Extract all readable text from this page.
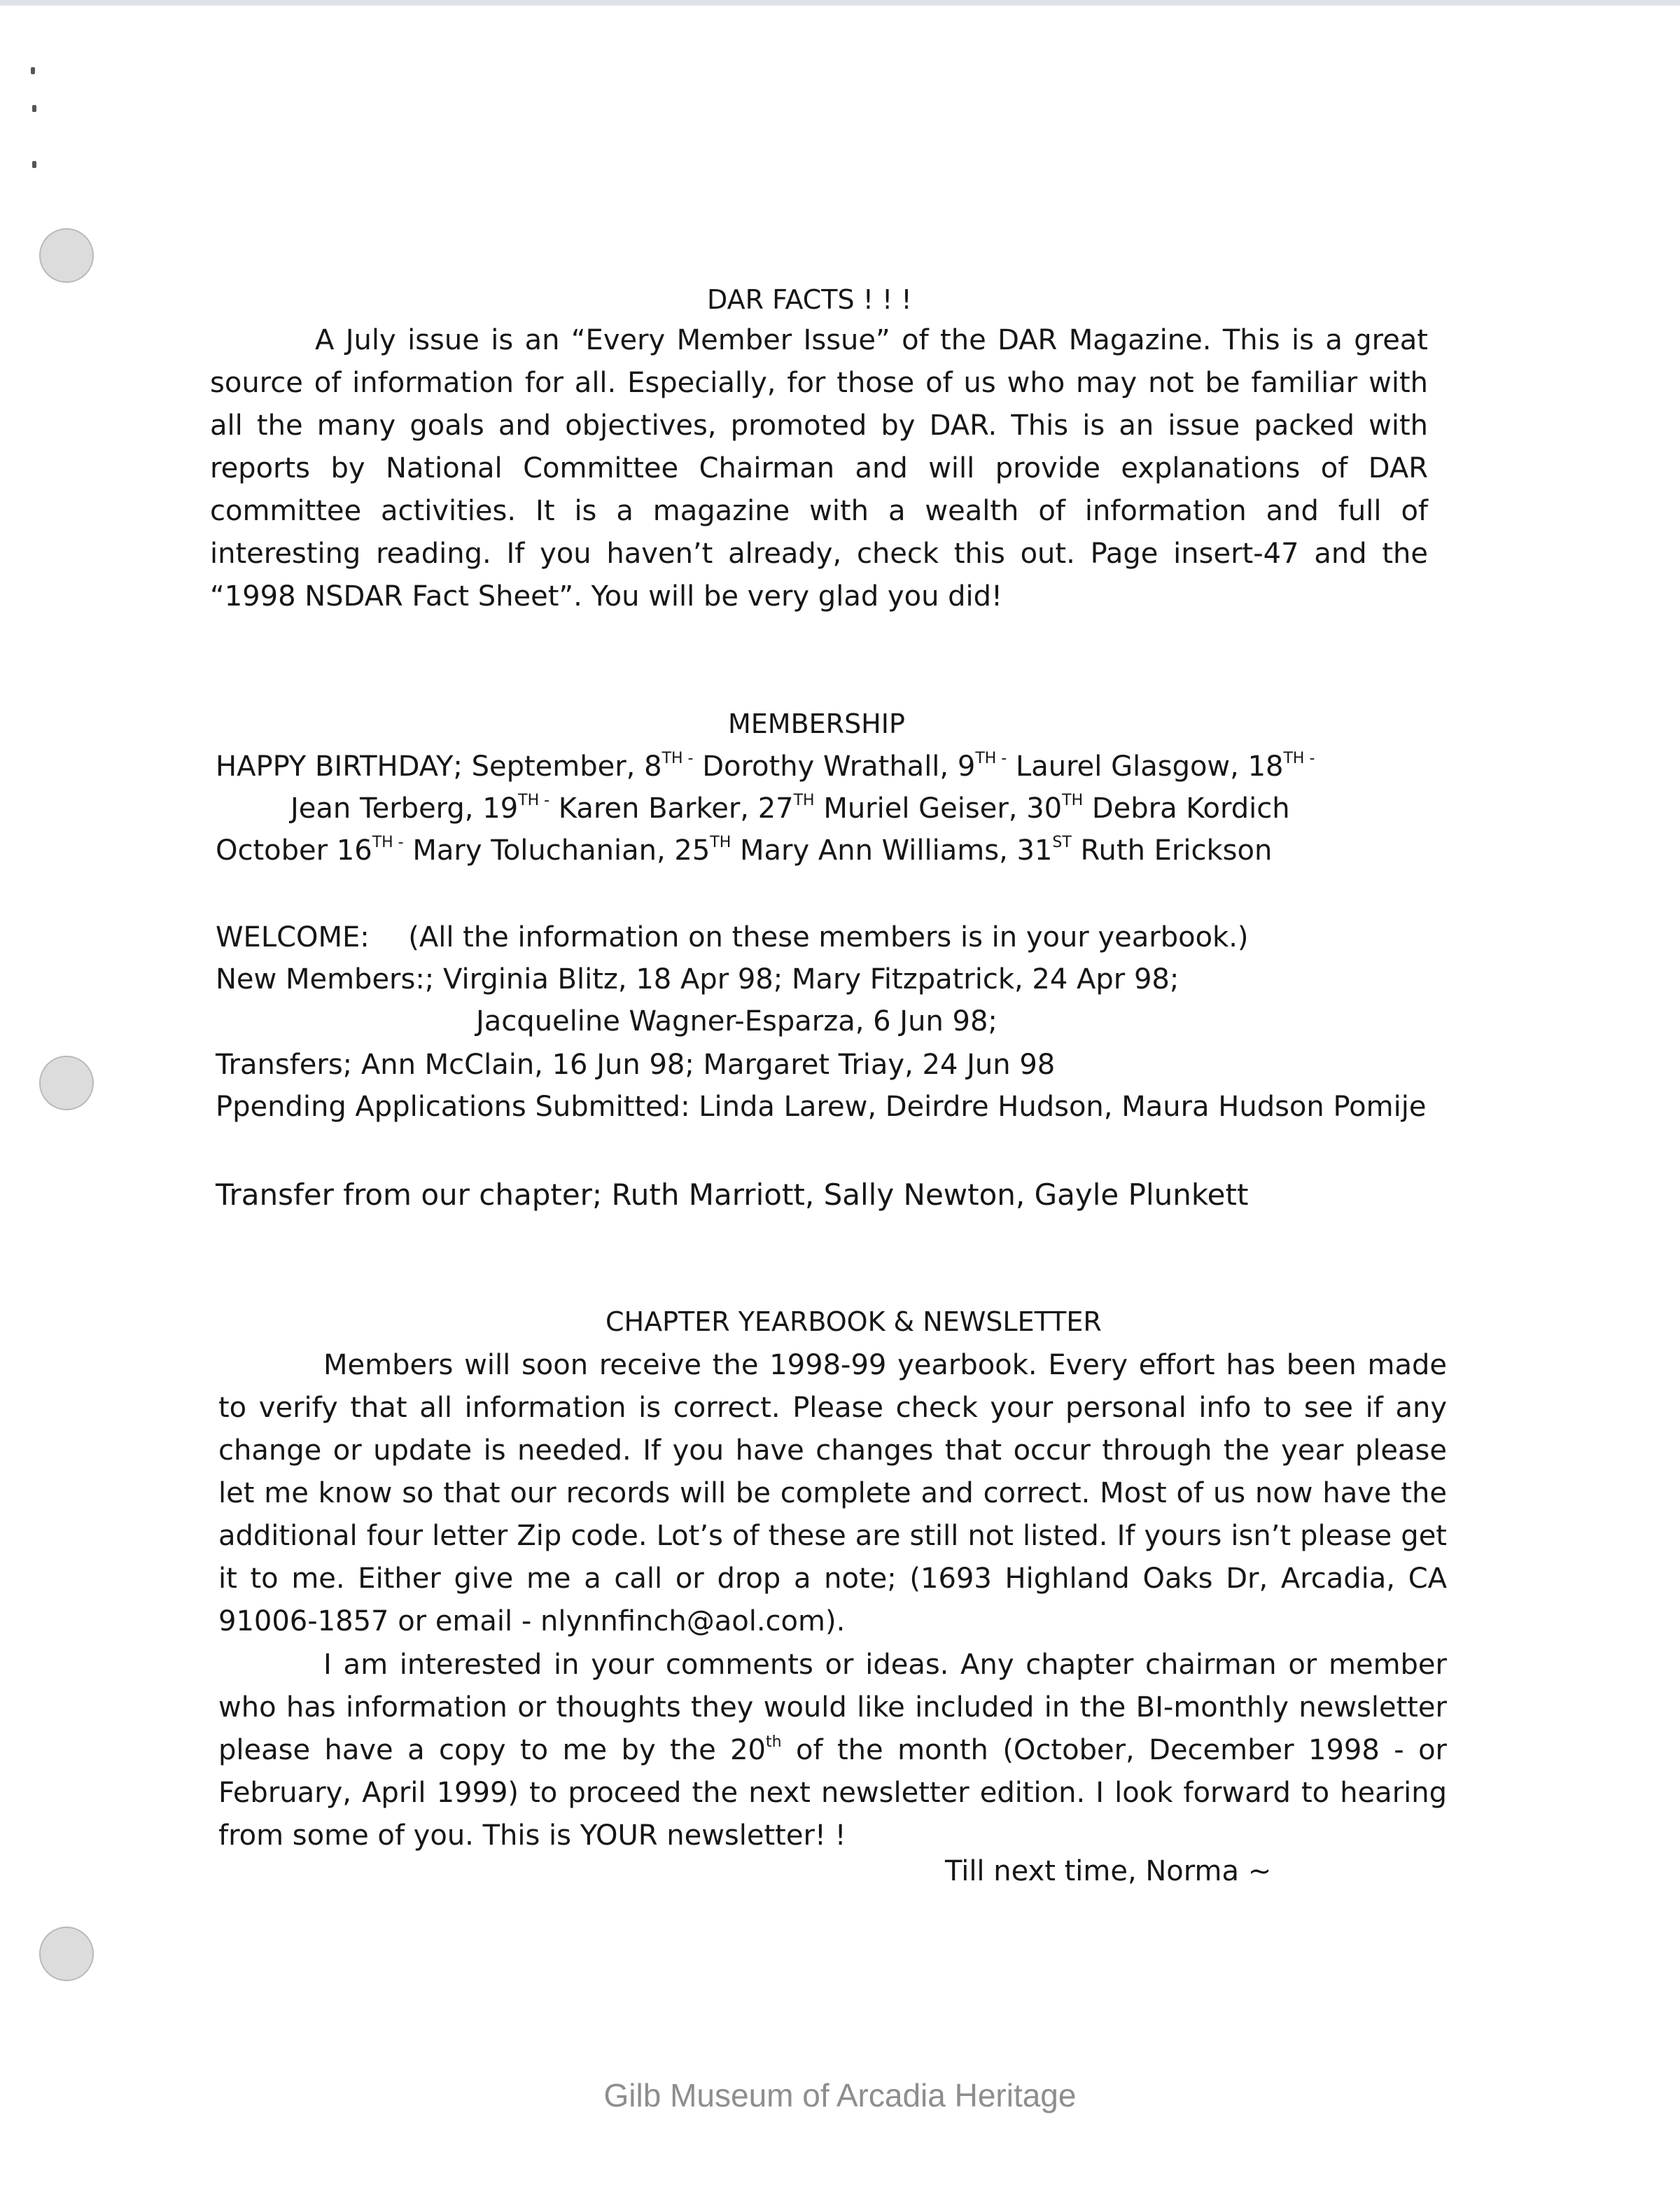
DAR FACTS ! ! !

A July issue is an “Every Member Issue” of the DAR Magazine. This is a great source of information for all. Especially, for those of us who may not be familiar with all the many goals and objectives, promoted by DAR. This is an issue packed with reports by National Committee Chairman and will provide explanations of DAR committee activities. It is a magazine with a wealth of information and full of interesting reading. If you haven’t already, check this out. Page insert-47 and the “1998 NSDAR Fact Sheet”. You will be very glad you did!

MEMBERSHIP
HAPPY BIRTHDAY; September, $8^{TH -}$ Dorothy Wrathall, $9^{TH -}$ Laurel Glasgow, $18^{TH -}$
Jean Terberg, $19^{TH -}$ Karen Barker, 27TH Muriel Geiser, 30TH Debra Kordich
October $16^{TH -}$ Mary Toluchanian, 25TH Mary Ann Williams, 31ST Ruth Erickson
WELCOME: (All the information on these members is in your yearbook.)
New Members:; Virginia Blitz, 18 Apr 98; Mary Fitzpatrick, 24 Apr 98;
Jacqueline Wagner-Esparza, 6 Jun 98;
Transfers; Ann McClain, 16 Jun 98; Margaret Triay, 24 Jun 98
Ppending Applications Submitted: Linda Larew, Deirdre Hudson, Maura Hudson Pomije
Transfer from our chapter; Ruth Marriott, Sally Newton, Gayle Plunkett
CHAPTER YEARBOOK & NEWSLETTER

Members will soon receive the 1998-99 yearbook. Every effort has been made to verify that all information is correct. Please check your personal info to see if any change or update is needed. If you have changes that occur through the year please let me know so that our records will be complete and correct. Most of us now have the additional four letter Zip code. Lot’s of these are still not listed. If yours isn’t please get it to me. Either give me a call or drop a note; (1693 Highland Oaks Dr, Arcadia, CA 91006-1857 or email - nlynnfinch@aol.com).

I am interested in your comments or ideas. Any chapter chairman or member who has information or thoughts they would like included in the BI-monthly newsletter please have a copy to me by the 20th of the month (October, December 1998 - or February, April 1999) to proceed the next newsletter edition. I look forward to hearing from some of you. This is YOUR newsletter! !

Till next time, Norma ~
Gilb Museum of Arcadia Heritage
